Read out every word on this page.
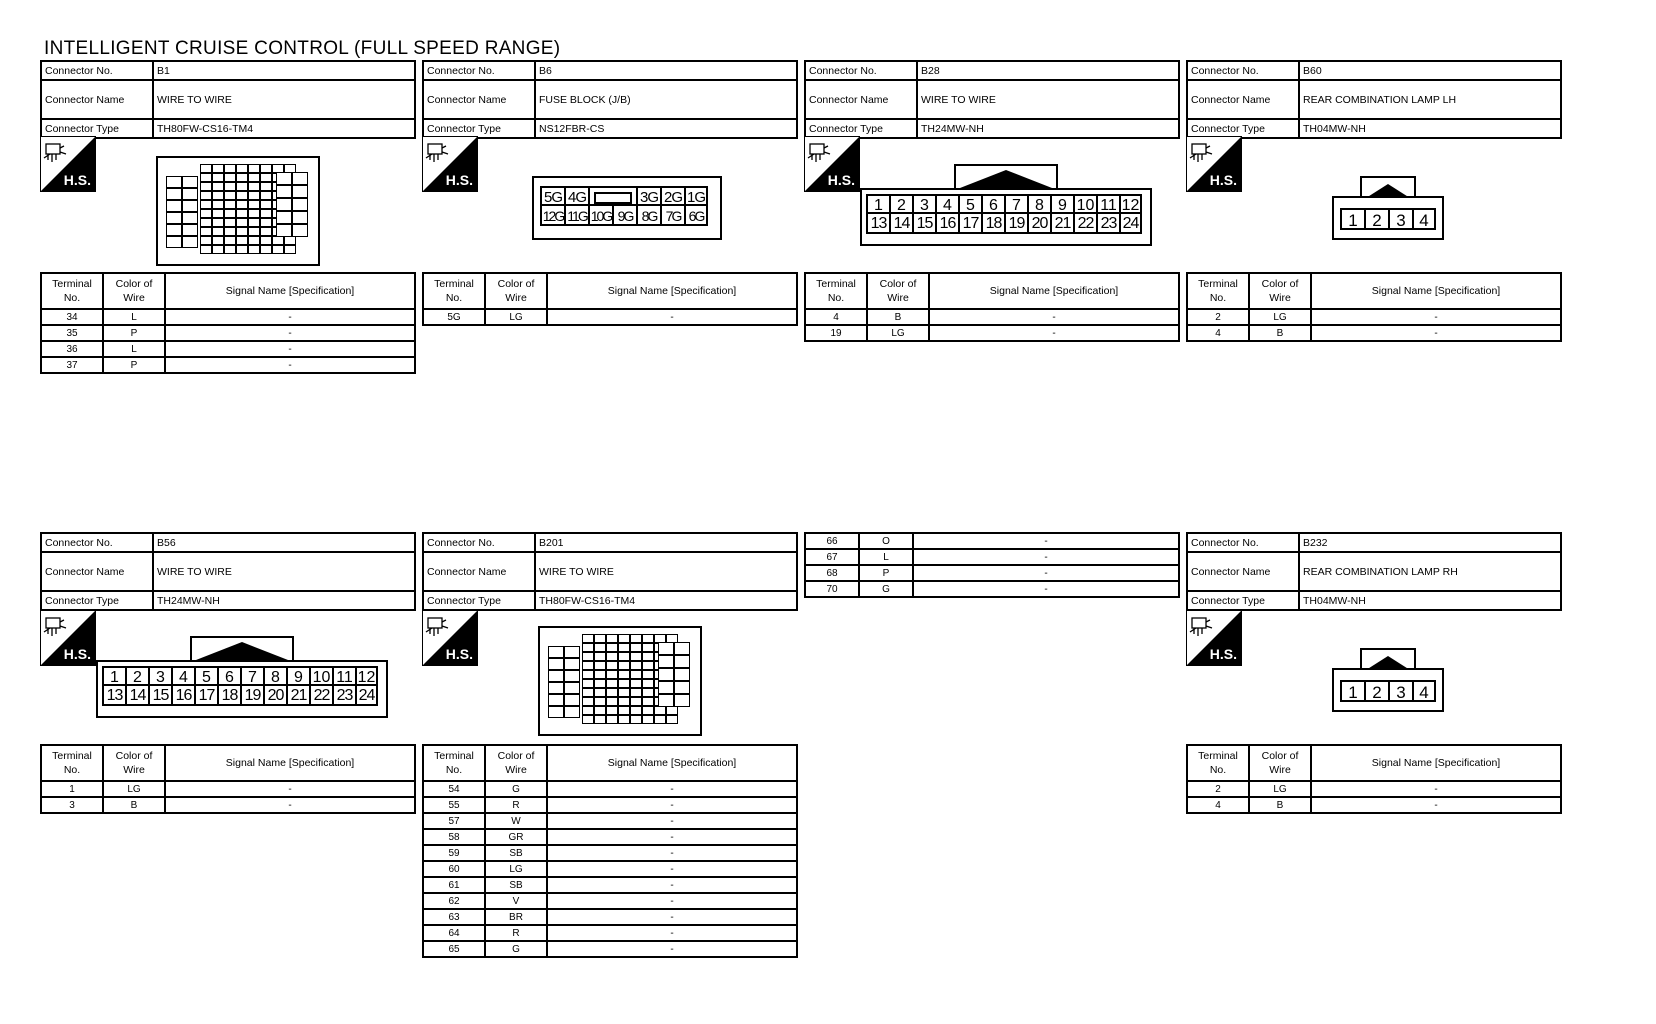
INTELLIGENT CRUISE CONTROL (FULL SPEED RANGE)
Connector No.	B1
Connector Name	WIRE TO WIRE
Connector Type	TH80FW-CS16-TM4
H.S.
Terminal No.	Color of Wire	Signal Name [Specification]
34	L	-
35	P	-
36	L	-
37	P	-
Connector No.	B6
Connector Name	FUSE BLOCK (J/B)
Connector Type	NS12FBR-CS
H.S.
Terminal No.	Color of Wire	Signal Name [Specification]
5G	LG	-
Connector No.	B28
Connector Name	WIRE TO WIRE
Connector Type	TH24MW-NH
H.S.
Terminal No.	Color of Wire	Signal Name [Specification]
4	B	-
19	LG	-
Connector No.	B60
Connector Name	REAR COMBINATION LAMP LH
Connector Type	TH04MW-NH
H.S.
Terminal No.	Color of Wire	Signal Name [Specification]
2	LG	-
4	B	-
5G 4G	3G 2G 1G
12G 11G 10G 9G 8G 7G 6G
1 2 3 4 5 6 7 8 9 10 11 12
13 14 15 16 17 18 19 20 21 22 23 24	1 2 3 4
Connector No.	B56
Connector Name	WIRE TO WIRE
Connector Type	TH24MW-NH
H.S.
Terminal No.	Color of Wire	Signal Name [Specification]
1	LG	-
3	B	-
Connector No.	B201
Connector Name	WIRE TO WIRE
Connector Type	TH80FW-CS16-TM4
H.S.
Terminal No.	Color of Wire	Signal Name [Specification]
54	G	-
55	R	-
57	W	-
58	GR	-
59	SB	-
60	LG	-
61	SB	-
62	V	-
63	BR	-
64	R	-
65	G	-
Connector No.	B232
Connector Name	REAR COMBINATION LAMP RH
Connector Type	TH04MW-NH
H.S.
Terminal No.	Color of Wire	Signal Name [Specification]
2	LG	-
4	B	-
1 2 3 4 5 6 7 8 9 10 11 12
13 14 15 16 17 18 19 20 21 22 23 24	1 2 3 4

66	O	-
67	L	-
68	P	-
70	G	-
